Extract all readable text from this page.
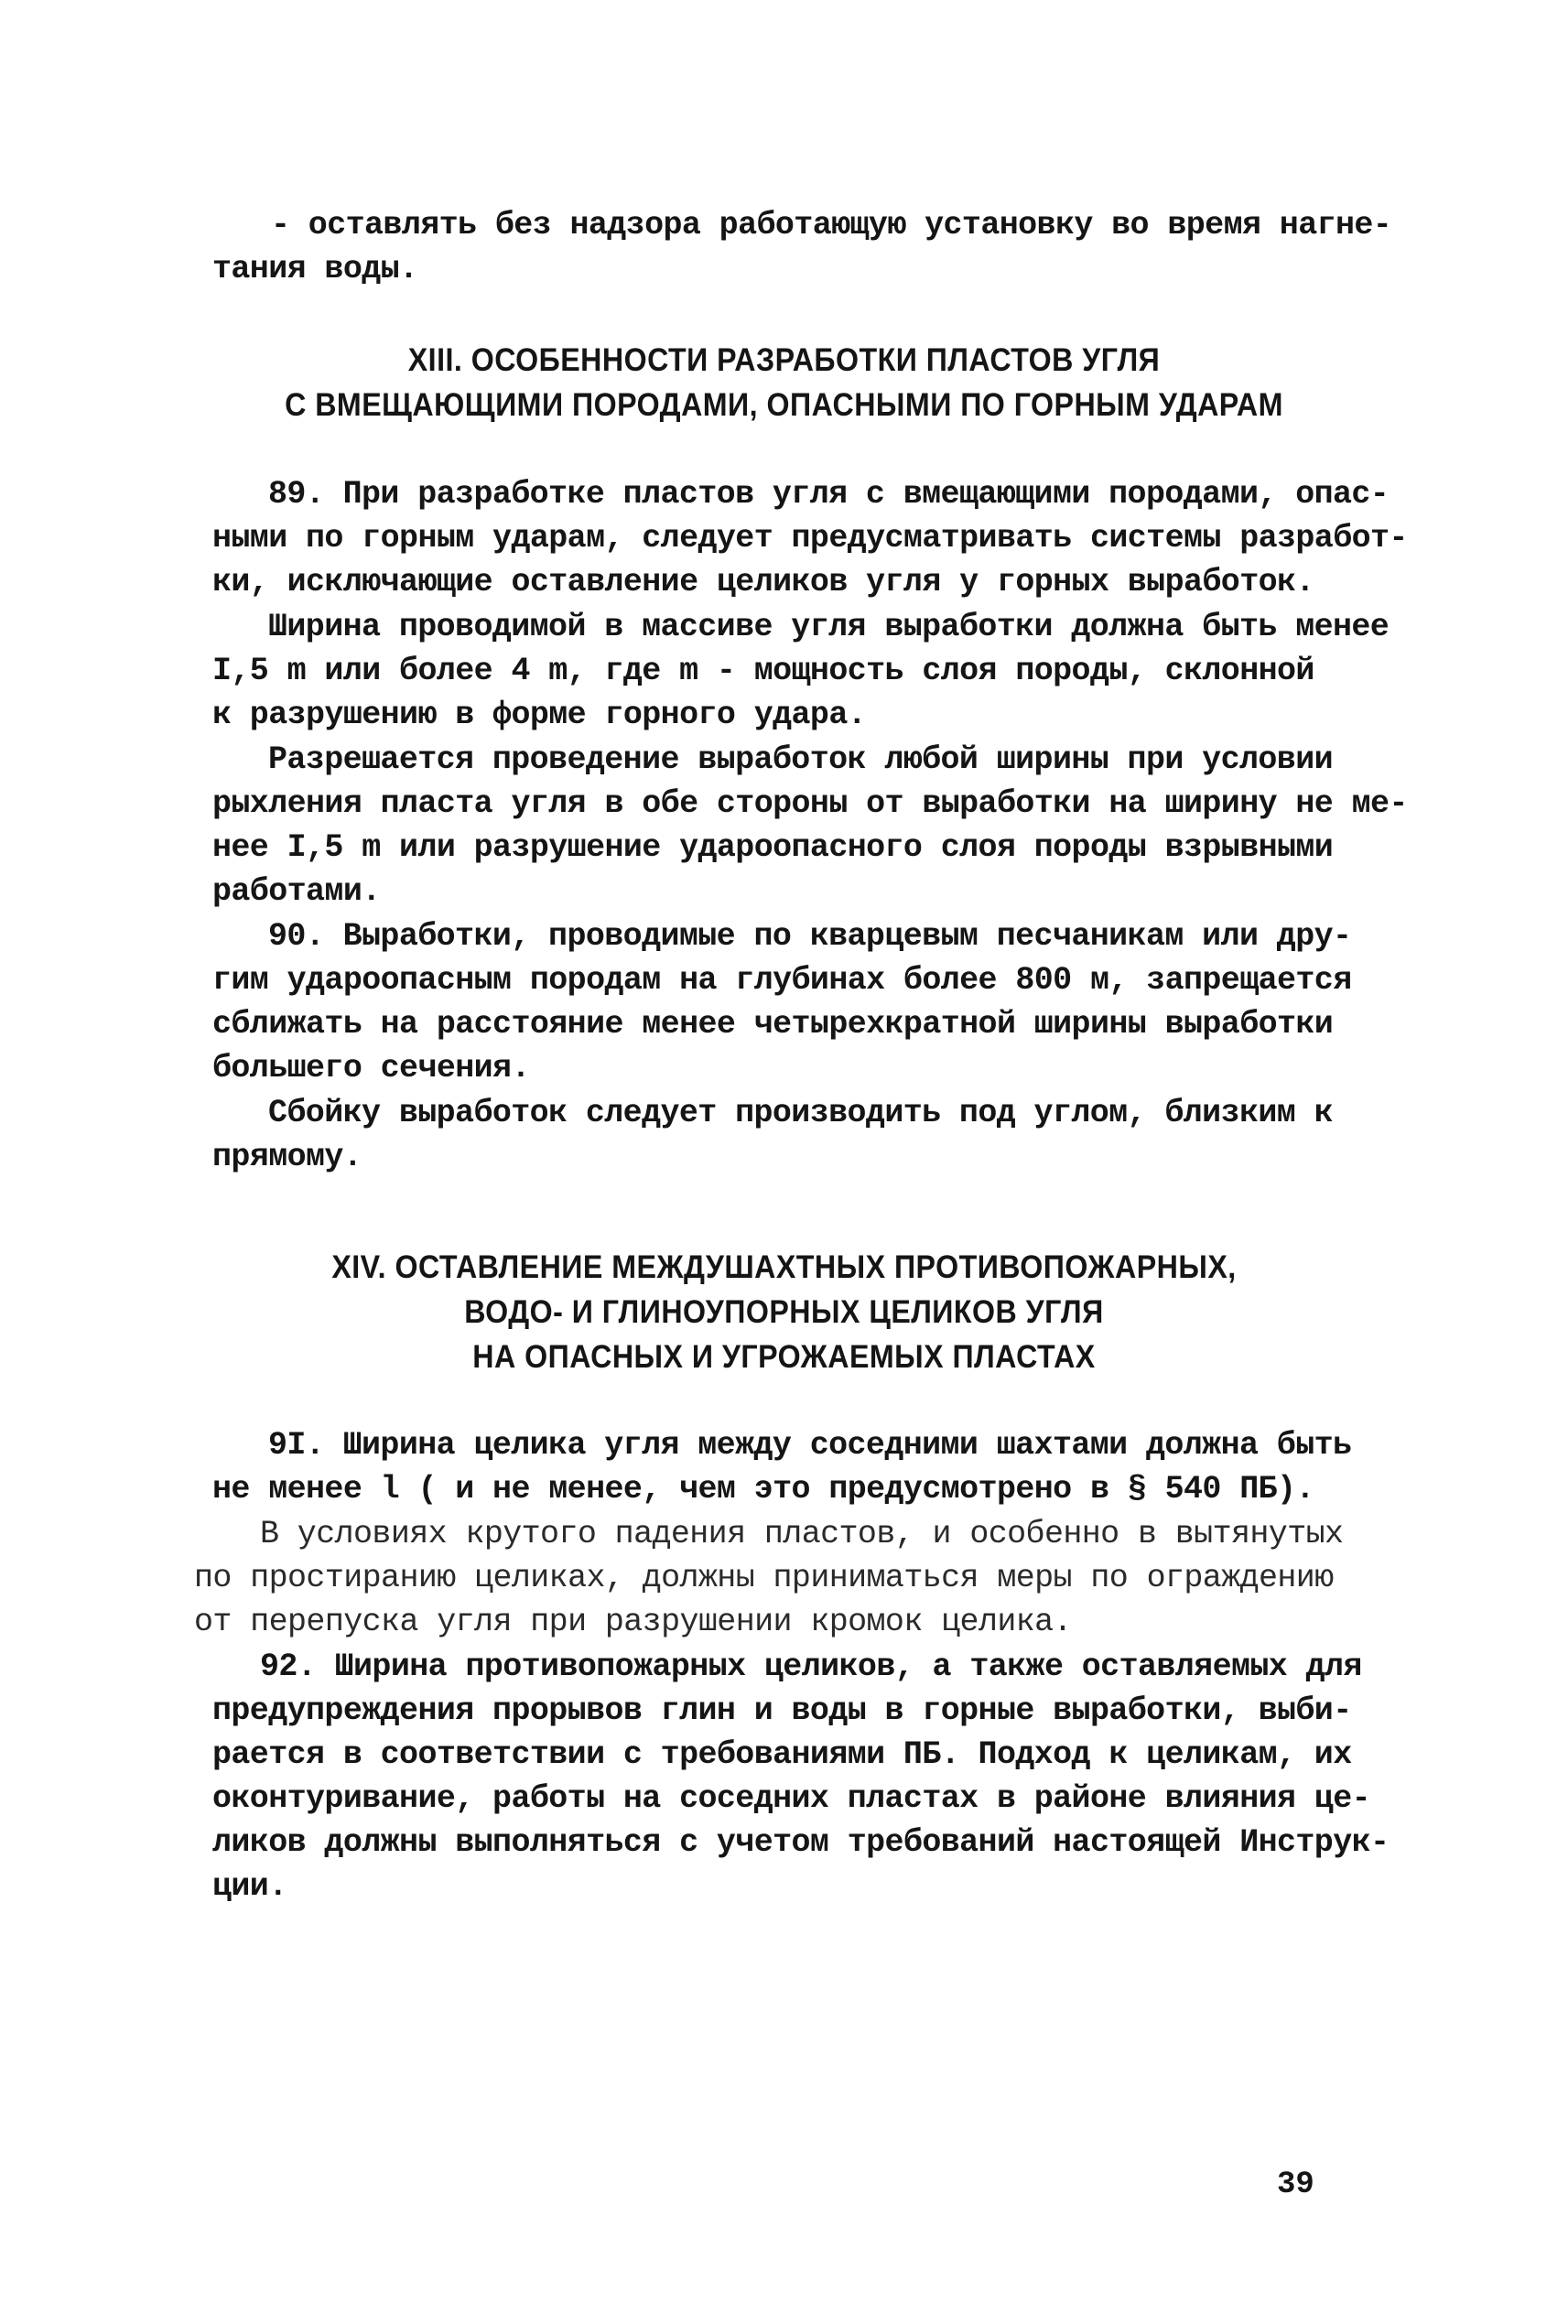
- оставлять без надзора работающую установку во время нагне-
тания воды.
XIII. ОСОБЕННОСТИ РАЗРАБОТКИ ПЛАСТОВ УГЛЯ
С ВМЕЩАЮЩИМИ ПОРОДАМИ, ОПАСНЫМИ ПО ГОРНЫМ УДАРАМ
89. При разработке пластов угля с вмещающими породами, опас-
ными по горным ударам, следует предусматривать системы разработ-
ки, исключающие оставление целиков угля у горных выработок.
Ширина проводимой в массиве угля выработки должна быть менее
I,5 m или более 4 m, где m - мощность слоя породы, склонной
к разрушению в форме горного удара.
Разрешается проведение выработок любой ширины при условии
рыхления пласта угля в обе стороны от выработки на ширину не ме-
нее I,5 m или разрушение удароопасного слоя породы взрывными
работами.
90. Выработки, проводимые по кварцевым песчаникам или дру-
гим удароопасным породам на глубинах более 800 м, запрещается
сближать на расстояние менее четырехкратной ширины выработки
большего сечения.
Сбойку выработок следует производить под углом, близким к
прямому.
XIV. ОСТАВЛЕНИЕ МЕЖДУШАХТНЫХ ПРОТИВОПОЖАРНЫХ,
ВОДО- И ГЛИНОУПОРНЫХ ЦЕЛИКОВ УГЛЯ
НА ОПАСНЫХ И УГРОЖАЕМЫХ ПЛАСТАХ
9I. Ширина целика угля между соседними шахтами должна быть
не менее l ( и не менее, чем это предусмотрено в § 540 ПБ).
В условиях крутого падения пластов, и особенно в вытянутых
по простиранию целиках, должны приниматься меры по ограждению
от перепуска угля при разрушении кромок целика.
92. Ширина противопожарных целиков, а также оставляемых для
предупреждения прорывов глин и воды в горные выработки, выби-
рается в соответствии с требованиями ПБ. Подход к целикам, их
оконтуривание, работы на соседних пластах в районе влияния це-
ликов должны выполняться с учетом требований настоящей Инструк-
ции.
39
